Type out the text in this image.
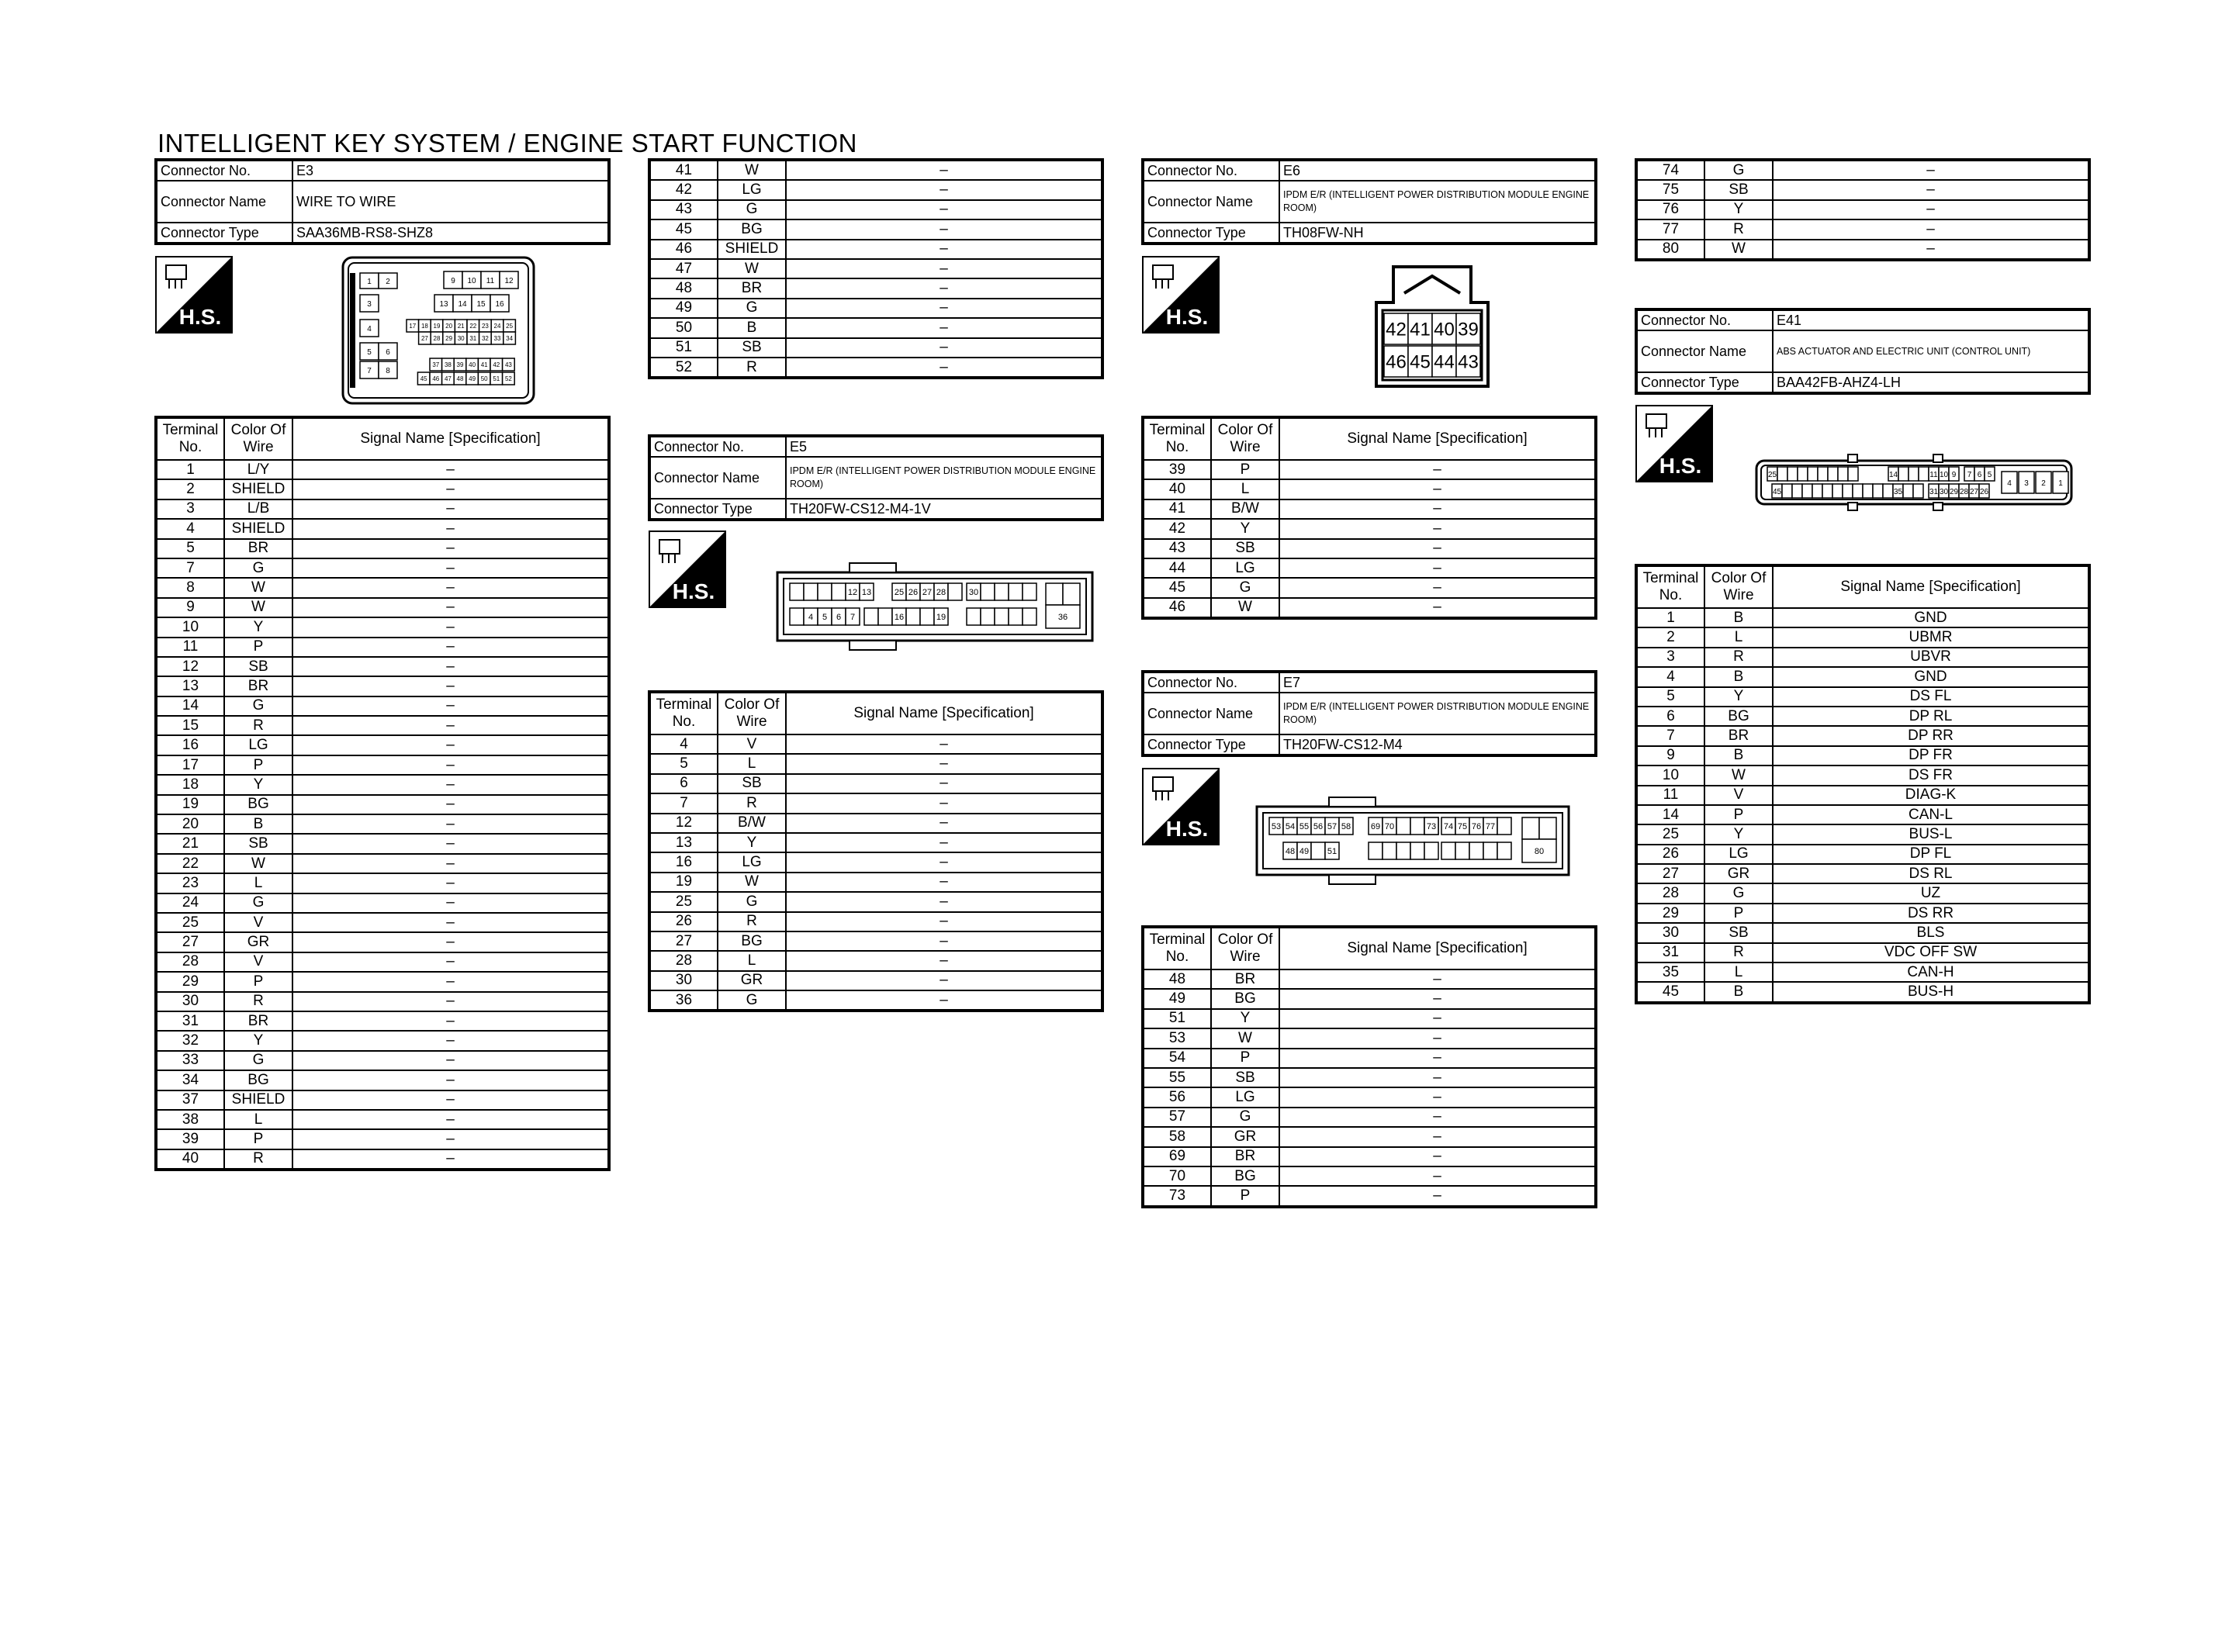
INTELLIGENT KEY SYSTEM / ENGINE START FUNCTION
Connector No.	E3
Connector Name	WIRE TO WIRE
Connector Type	SAA36MB-RS8-SHZ8
H.S.
1 2	9 10 11 12
3	13 14 15 16
4	17 18 19 20 21 22 23 24 25
27 28 29 30 31 32 33 34
5 6
7 8
37 38 39 40 41 42 43
45 46 47 48 49 50 51 52
Terminal No.	Color Of Wire	Signal Name [Specification]
1	L/Y	–
2	SHIELD	–
3	L/B	–
4	SHIELD	–
5	BR	–
7	G	–
8	W	–
9	W	–
10	Y	–
11	P	–
12	SB	–
13	BR	–
14	G	–
15	R	–
16	LG	–
17	P	–
18	Y	–
19	BG	–
20	B	–
21	SB	–
22	W	–
23	L	–
24	G	–
25	V	–
27	GR	–
28	V	–
29	P	–
30	R	–
31	BR	–
32	Y	–
33	G	–
34	BG	–
37	SHIELD	–
38	L	–
39	P	–
40	R	–
41	W	–
42	LG	–
43	G	–
45	BG	–
46	SHIELD	–
47	W	–
48	BR	–
49	G	–
50	B	–
51	SB	–
52	R	–
Connector No.	E5
Connector Name	IPDM E/R (INTELLIGENT POWER DISTRIBUTION MODULE ENGINE ROOM)
Connector Type	TH20FW-CS12-M4-1V
H.S.	12 13	25 26 27 28	30
4 5 6 7	16	19	36
Terminal No.	Color Of Wire	Signal Name [Specification]
4	V	–
5	L	–
6	SB	–
7	R	–
12	B/W	–
13	Y	–
16	LG	–
19	W	–
25	G	–
26	R	–
27	BG	–
28	L	–
30	GR	–
36	G	–
Connector No.	E6
Connector Name	IPDM E/R (INTELLIGENT POWER DISTRIBUTION MODULE ENGINE ROOM)
Connector Type	TH08FW-NH
H.S.
42 41 40 39
46 45 44 43
Terminal No.	Color Of Wire	Signal Name [Specification]
39	P	–
40	L	–
41	B/W	–
42	Y	–
43	SB	–
44	LG	–
45	G	–
46	W	–
Connector No.	E7
Connector Name	IPDM E/R (INTELLIGENT POWER DISTRIBUTION MODULE ENGINE ROOM)
Connector Type	TH20FW-CS12-M4
H.S.	53 54 55 56 57 58 69 70	73 74 75 76 77
48 49 51	80
Terminal No.	Color Of Wire	Signal Name [Specification]
48	BR	–
49	BG	–
51	Y	–
53	W	–
54	P	–
55	SB	–
56	LG	–
57	G	–
58	GR	–
69	BR	–
70	BG	–
73	P	–
74	G	–
75	SB	–
76	Y	–
77	R	–
80	W	–
Connector No.	E41
Connector Name	ABS ACTUATOR AND ELECTRIC UNIT (CONTROL UNIT)
Connector Type	BAA42FB-AHZ4-LH
H.S.	25	14	11 10 9 7 6 5
4 3 2 1
45	35	31 30 29 28 27 26
Terminal No.	Color Of Wire	Signal Name [Specification]
1	B	GND
2	L	UBMR
3	R	UBVR
4	B	GND
5	Y	DS FL
6	BG	DP RL
7	BR	DP RR
9	B	DP FR
10	W	DS FR
11	V	DIAG-K
14	P	CAN-L
25	Y	BUS-L
26	LG	DP FL
27	GR	DS RL
28	G	UZ
29	P	DS RR
30	SB	BLS
31	R	VDC OFF SW
35	L	CAN-H
45	B	BUS-H
